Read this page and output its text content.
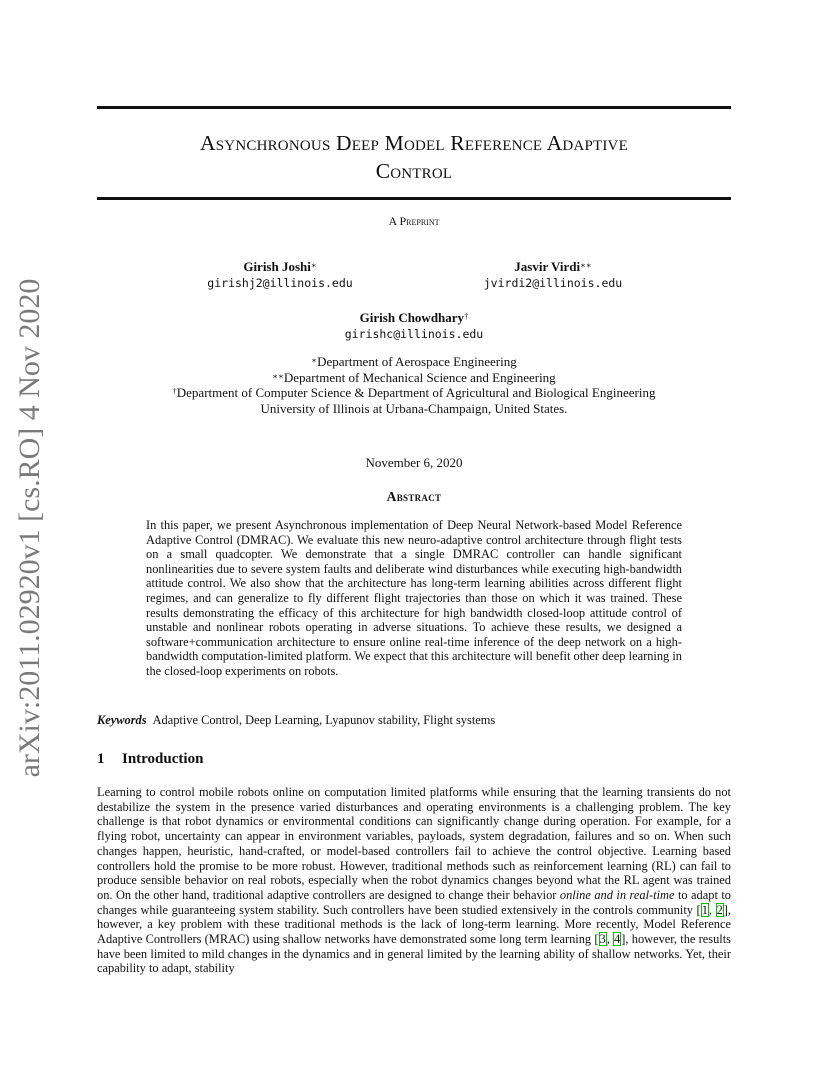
arXiv:2011.02920v1 [cs.RO] 4 Nov 2020
Asynchronous Deep Model Reference Adaptive
Control
A Preprint
Girish Joshi∗
girishj2@illinois.edu
Jasvir Virdi∗∗
jvirdi2@illinois.edu
Girish Chowdhary†
girishc@illinois.edu
∗Department of Aerospace Engineering
∗∗Department of Mechanical Science and Engineering
†Department of Computer Science & Department of Agricultural and Biological Engineering
University of Illinois at Urbana-Champaign, United States.
November 6, 2020
Abstract
In this paper, we present Asynchronous implementation of Deep Neural Network-based Model Reference Adaptive Control (DMRAC). We evaluate this new neuro-adaptive control architecture through flight tests on a small quadcopter. We demonstrate that a single DMRAC controller can handle significant nonlinearities due to severe system faults and deliberate wind disturbances while executing high-bandwidth attitude control. We also show that the architecture has long-term learning abilities across different flight regimes, and can generalize to fly different flight trajectories than those on which it was trained. These results demonstrating the efficacy of this architecture for high bandwidth closed-loop attitude control of unstable and nonlinear robots operating in adverse situations. To achieve these results, we designed a software+communication architecture to ensure online real-time inference of the deep network on a high-bandwidth computation-limited platform. We expect that this architecture will benefit other deep learning in the closed-loop experiments on robots.
Keywords Adaptive Control, Deep Learning, Lyapunov stability, Flight systems
1 Introduction
Learning to control mobile robots online on computation limited platforms while ensuring that the learning transients do not destabilize the system in the presence varied disturbances and operating environments is a challenging problem. The key challenge is that robot dynamics or environmental conditions can significantly change during operation. For example, for a flying robot, uncertainty can appear in environment variables, payloads, system degradation, failures and so on. When such changes happen, heuristic, hand-crafted, or model-based controllers fail to achieve the control objective. Learning based controllers hold the promise to be more robust. However, traditional methods such as reinforcement learning (RL) can fail to produce sensible behavior on real robots, especially when the robot dynamics changes beyond what the RL agent was trained on. On the other hand, traditional adaptive controllers are designed to change their behavior online and in real-time to adapt to changes while guaranteeing system stability. Such controllers have been studied extensively in the controls community [1, 2], however, a key problem with these traditional methods is the lack of long-term learning. More recently, Model Reference Adaptive Controllers (MRAC) using shallow networks have demonstrated some long term learning [3, 4], however, the results have been limited to mild changes in the dynamics and in general limited by the learning ability of shallow networks. Yet, their capability to adapt, stability
